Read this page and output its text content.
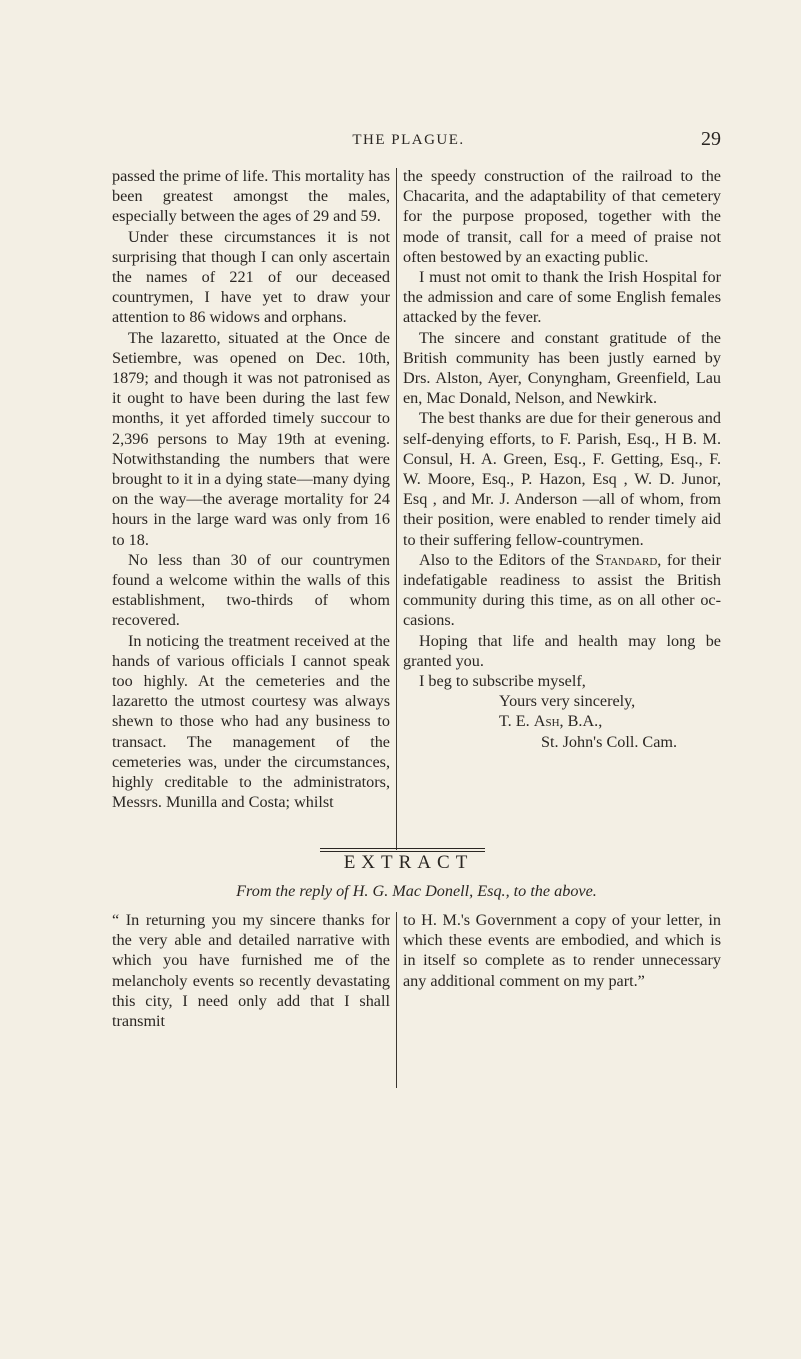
THE PLAGUE.	29

passed the prime of life. This mortality has been greatest amongst the males, especially between the ages of 29 and 59.

Under these circumstances it is not surprising that though I can only ascertain the names of 221 of our deceased countrymen, I have yet to draw your attention to 86 widows and orphans.

The lazaretto, situated at the Once de Setiembre, was opened on Dec. 10th, 1879; and though it was not patronised as it ought to have been during the last few months, it yet afforded timely succour to 2,396 persons to May 19th at evening. Notwithstanding the numbers that were brought to it in a dying state—many dying on the way—the average mortality for 24 hours in the large ward was only from 16 to 18.

No less than 30 of our countrymen found a welcome within the walls of this establishment, two-thirds of whom recovered.

In noticing the treatment received at the hands of various officials I cannot speak too highly. At the cemeteries and the lazaretto the utmost courtesy was always shewn to those who had any business to transact. The management of the cemeteries was, under the circumstances, highly creditable to the administrators, Messrs. Munilla and Costa; whilst

the speedy construction of the railroad to the Chacarita, and the adaptability of that cemetery for the purpose proposed, together with the mode of transit, call for a meed of praise not often bestowed by an exacting public.

I must not omit to thank the Irish Hospital for the admission and care of some English females attacked by the fever.

The sincere and constant gratitude of the British community has been justly earned by Drs. Alston, Ayer, Conyngham, Greenfield, Lau en, Mac Donald, Nelson, and Newkirk.

The best thanks are due for their generous and self-denying efforts, to F. Parish, Esq., H B. M. Consul, H. A. Green, Esq., F. Getting, Esq., F. W. Moore, Esq., P. Hazon, Esq , W. D. Junor, Esq , and Mr. J. Anderson —all of whom, from their position, were enabled to render timely aid to their suffering fellow-countrymen.

Also to the Editors of the Standard, for their indefatigable readiness to assist the British community during this time, as on all other occasions.

Hoping that life and health may long be granted you.

I beg to subscribe myself,

Yours very sincerely,

T. E. Ash, B.A.,

St. John's Coll. Cam.

EXTRACT
From the reply of H. G. Mac Donell, Esq., to the above.

“ In returning you my sincere thanks for the very able and detailed narrative with which you have furnished me of the melancholy events so recently devastating this city, I need only add that I shall transmit

to H. M.'s Government a copy of your letter, in which these events are embodied, and which is in itself so complete as to render unnecessary any additional comment on my part.”
